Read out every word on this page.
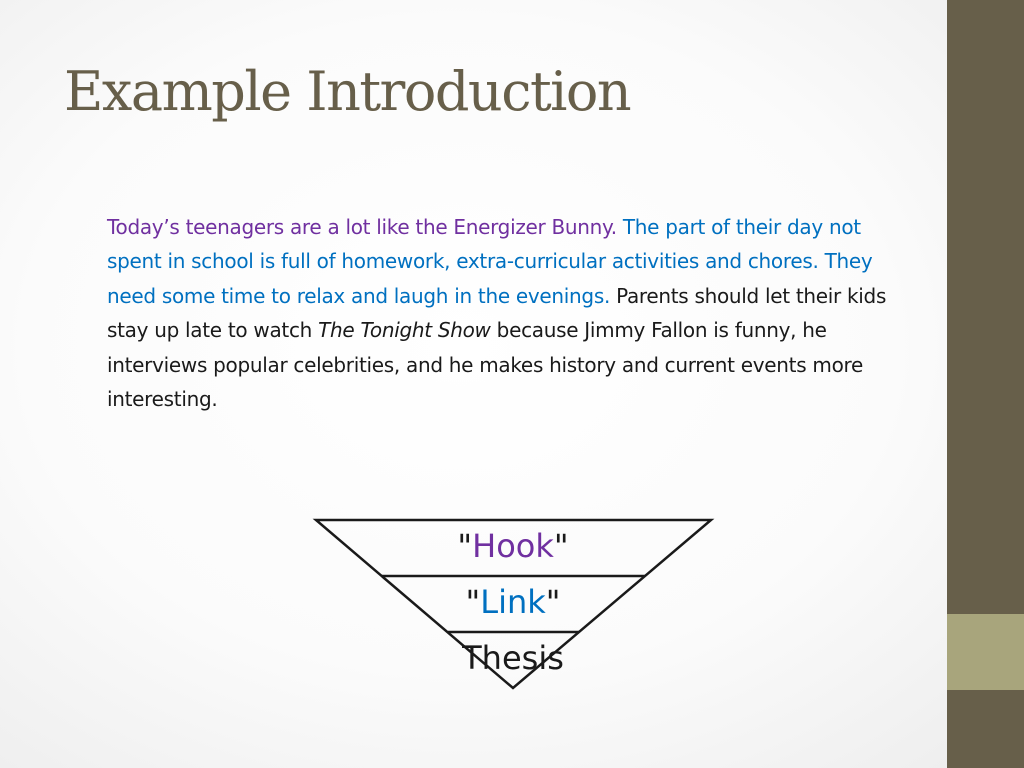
Example Introduction

Today’s teenagers are a lot like the Energizer Bunny. The part of their day not spent in school is full of homework, extra-curricular activities and chores. They need some time to relax and laugh in the evenings. Parents should let their kids stay up late to watch The Tonight Show because Jimmy Fallon is funny, he interviews popular celebrities, and he makes history and current events more interesting.

"Hook"
"Link"
Thesis
